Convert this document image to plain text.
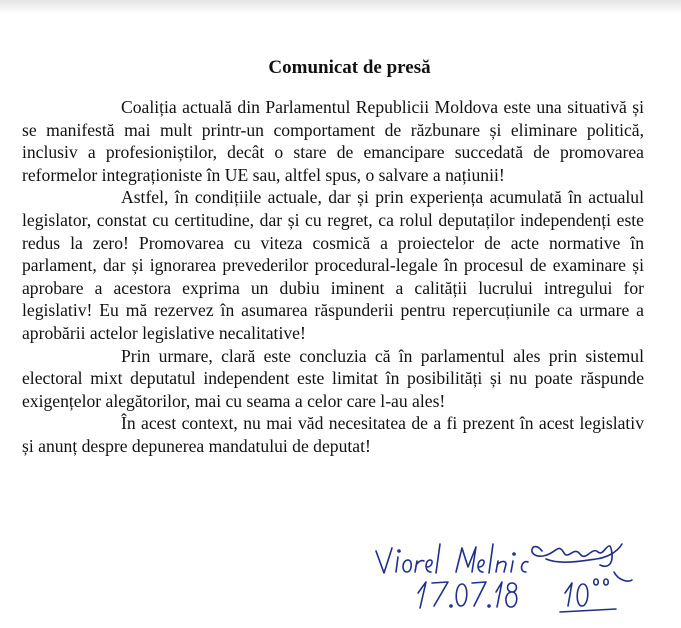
Comunicat de presă

Coaliția actuală din Parlamentul Republicii Moldova este una situativă și se manifestă mai mult printr-un comportament de răzbunare și eliminare politică, inclusiv a profesioniștilor, decât o stare de emancipare succedată de promovarea reformelor integraționiste în UE sau, altfel spus, o salvare a națiunii!

Astfel, în condițiile actuale, dar și prin experiența acumulată în actualul legislator, constat cu certitudine, dar și cu regret, ca rolul deputaților independenți este redus la zero! Promovarea cu viteza cosmică a proiectelor de acte normative în parlament, dar și ignorarea prevederilor procedural-legale în procesul de examinare și aprobare a acestora exprima un dubiu iminent a calității lucrului intregului for legislativ! Eu mă rezervez în asumarea răspunderii pentru repercuțiunile ca urmare a aprobării actelor legislative necalitative!

Prin urmare, clară este concluzia că în parlamentul ales prin sistemul electoral mixt deputatul independent este limitat în posibilități și nu poate răspunde exigențelor alegătorilor, mai cu seama a celor care l-au ales!

În acest context, nu mai văd necesitatea de a fi prezent în acest legislativ și anunț despre depunerea mandatului de deputat!
